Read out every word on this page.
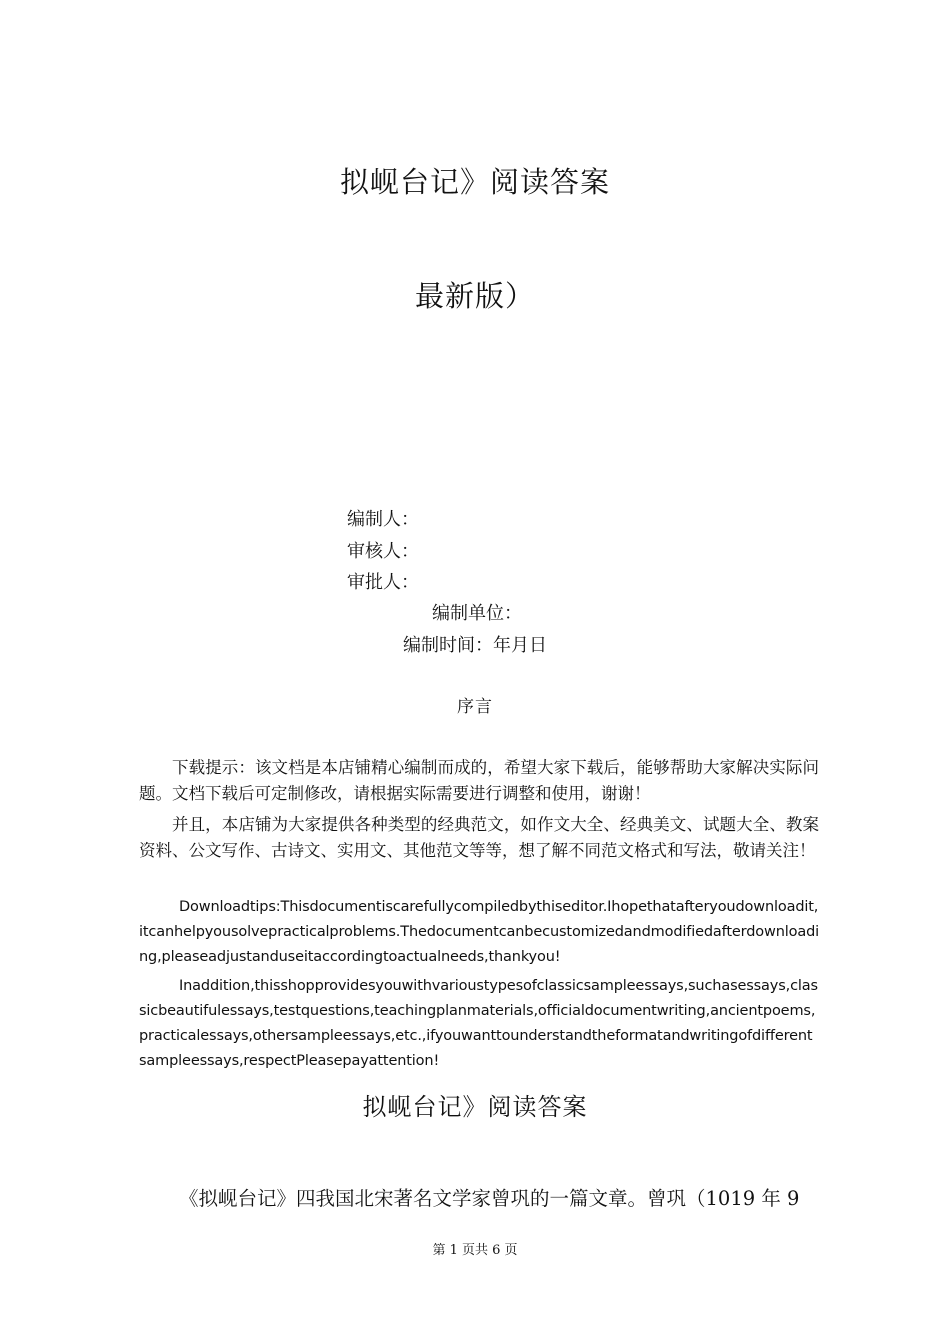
拟岘台记》阅读答案
最新版）
编制人：
审核人：
审批人：
编制单位：
编制时间：年月日
序言
下载提示：该文档是本店铺精心编制而成的，希望大家下载后，能够帮助大家解决实际问题。文档下载后可定制修改，请根据实际需要进行调整和使用，谢谢！
并且，本店铺为大家提供各种类型的经典范文，如作文大全、经典美文、试题大全、教案资料、公文写作、古诗文、实用文、其他范文等等，想了解不同范文格式和写法，敬请关注！
Downloadtips:Thisdocumentiscarefullycompiledbythiseditor.Ihopethatafteryoudownloadit,itcanhelpyousolvepracticalproblems.Thedocumentcanbecustomizedandmodifiedafterdownloading,pleaseadjustanduseitaccordingtoactualneeds,thankyou!
Inaddition,thisshopprovidesyouwithvarioustypesofclassicsampleessays,suchasessays,classicbeautifulessays,testquestions,teachingplanmaterials,officialdocumentwriting,ancientpoems,practicalessays,othersampleessays,etc.,ifyouwanttounderstandtheformatandwritingofdifferentsampleessays,respectPleasepayattention!
拟岘台记》阅读答案
《拟岘台记》四我国北宋著名文学家曾巩的一篇文章。曾巩（1019 年 9
第 1 页共 6 页
